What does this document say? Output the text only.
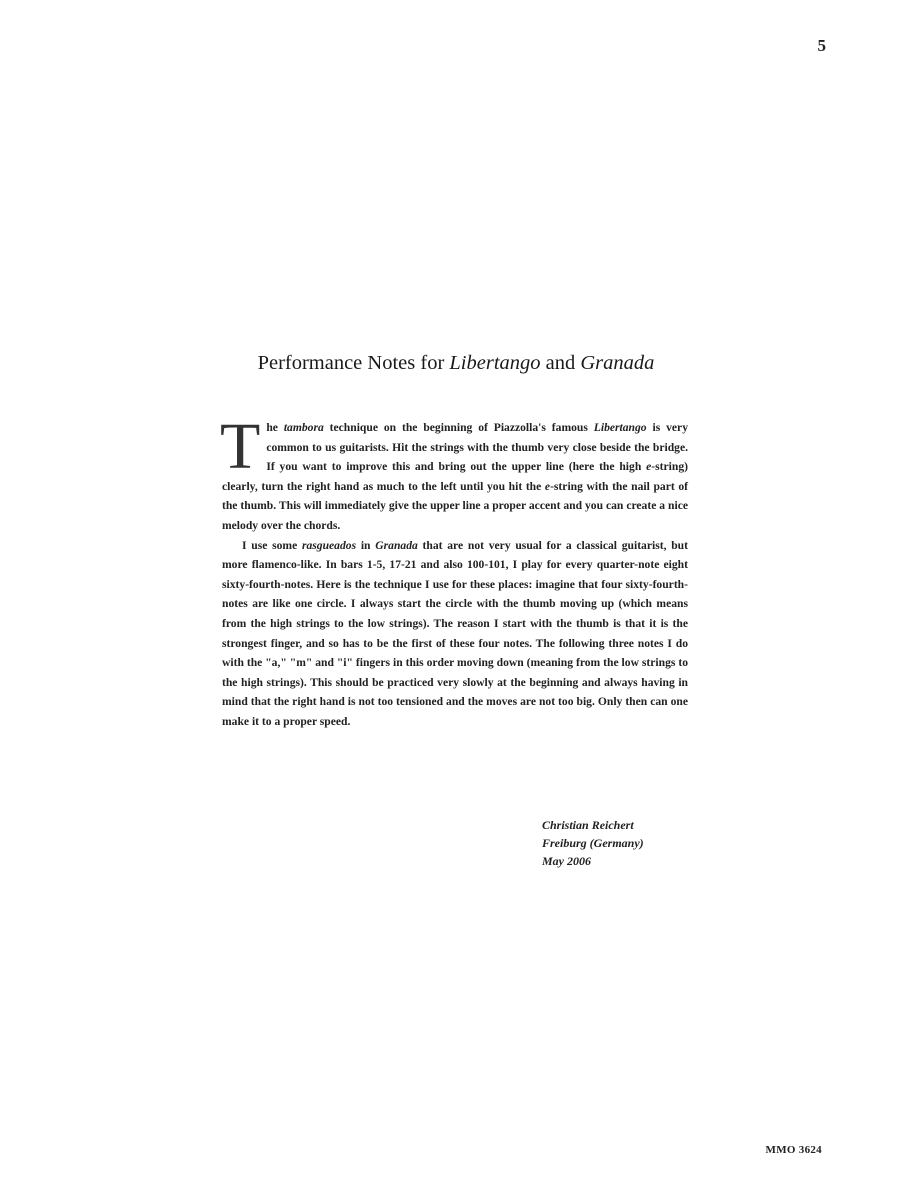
5
Performance Notes for Libertango and Granada

The tambora technique on the beginning of Piazzolla's famous Libertango is very common to us guitarists. Hit the strings with the thumb very close beside the bridge. If you want to improve this and bring out the upper line (here the high e-string) clearly, turn the right hand as much to the left until you hit the e-string with the nail part of the thumb. This will immediately give the upper line a proper accent and you can create a nice melody over the chords.

I use some rasgueados in Granada that are not very usual for a classical guitarist, but more flamenco-like. In bars 1-5, 17-21 and also 100-101, I play for every quarter-note eight sixty-fourth-notes. Here is the technique I use for these places: imagine that four sixty-fourth-notes are like one circle. I always start the circle with the thumb moving up (which means from the high strings to the low strings). The reason I start with the thumb is that it is the strongest finger, and so has to be the first of these four notes. The following three notes I do with the "a," "m" and "i" fingers in this order moving down (meaning from the low strings to the high strings). This should be practiced very slowly at the beginning and always having in mind that the right hand is not too tensioned and the moves are not too big. Only then can one make it to a proper speed.

Christian Reichert
Freiburg (Germany)
May 2006
MMO 3624
